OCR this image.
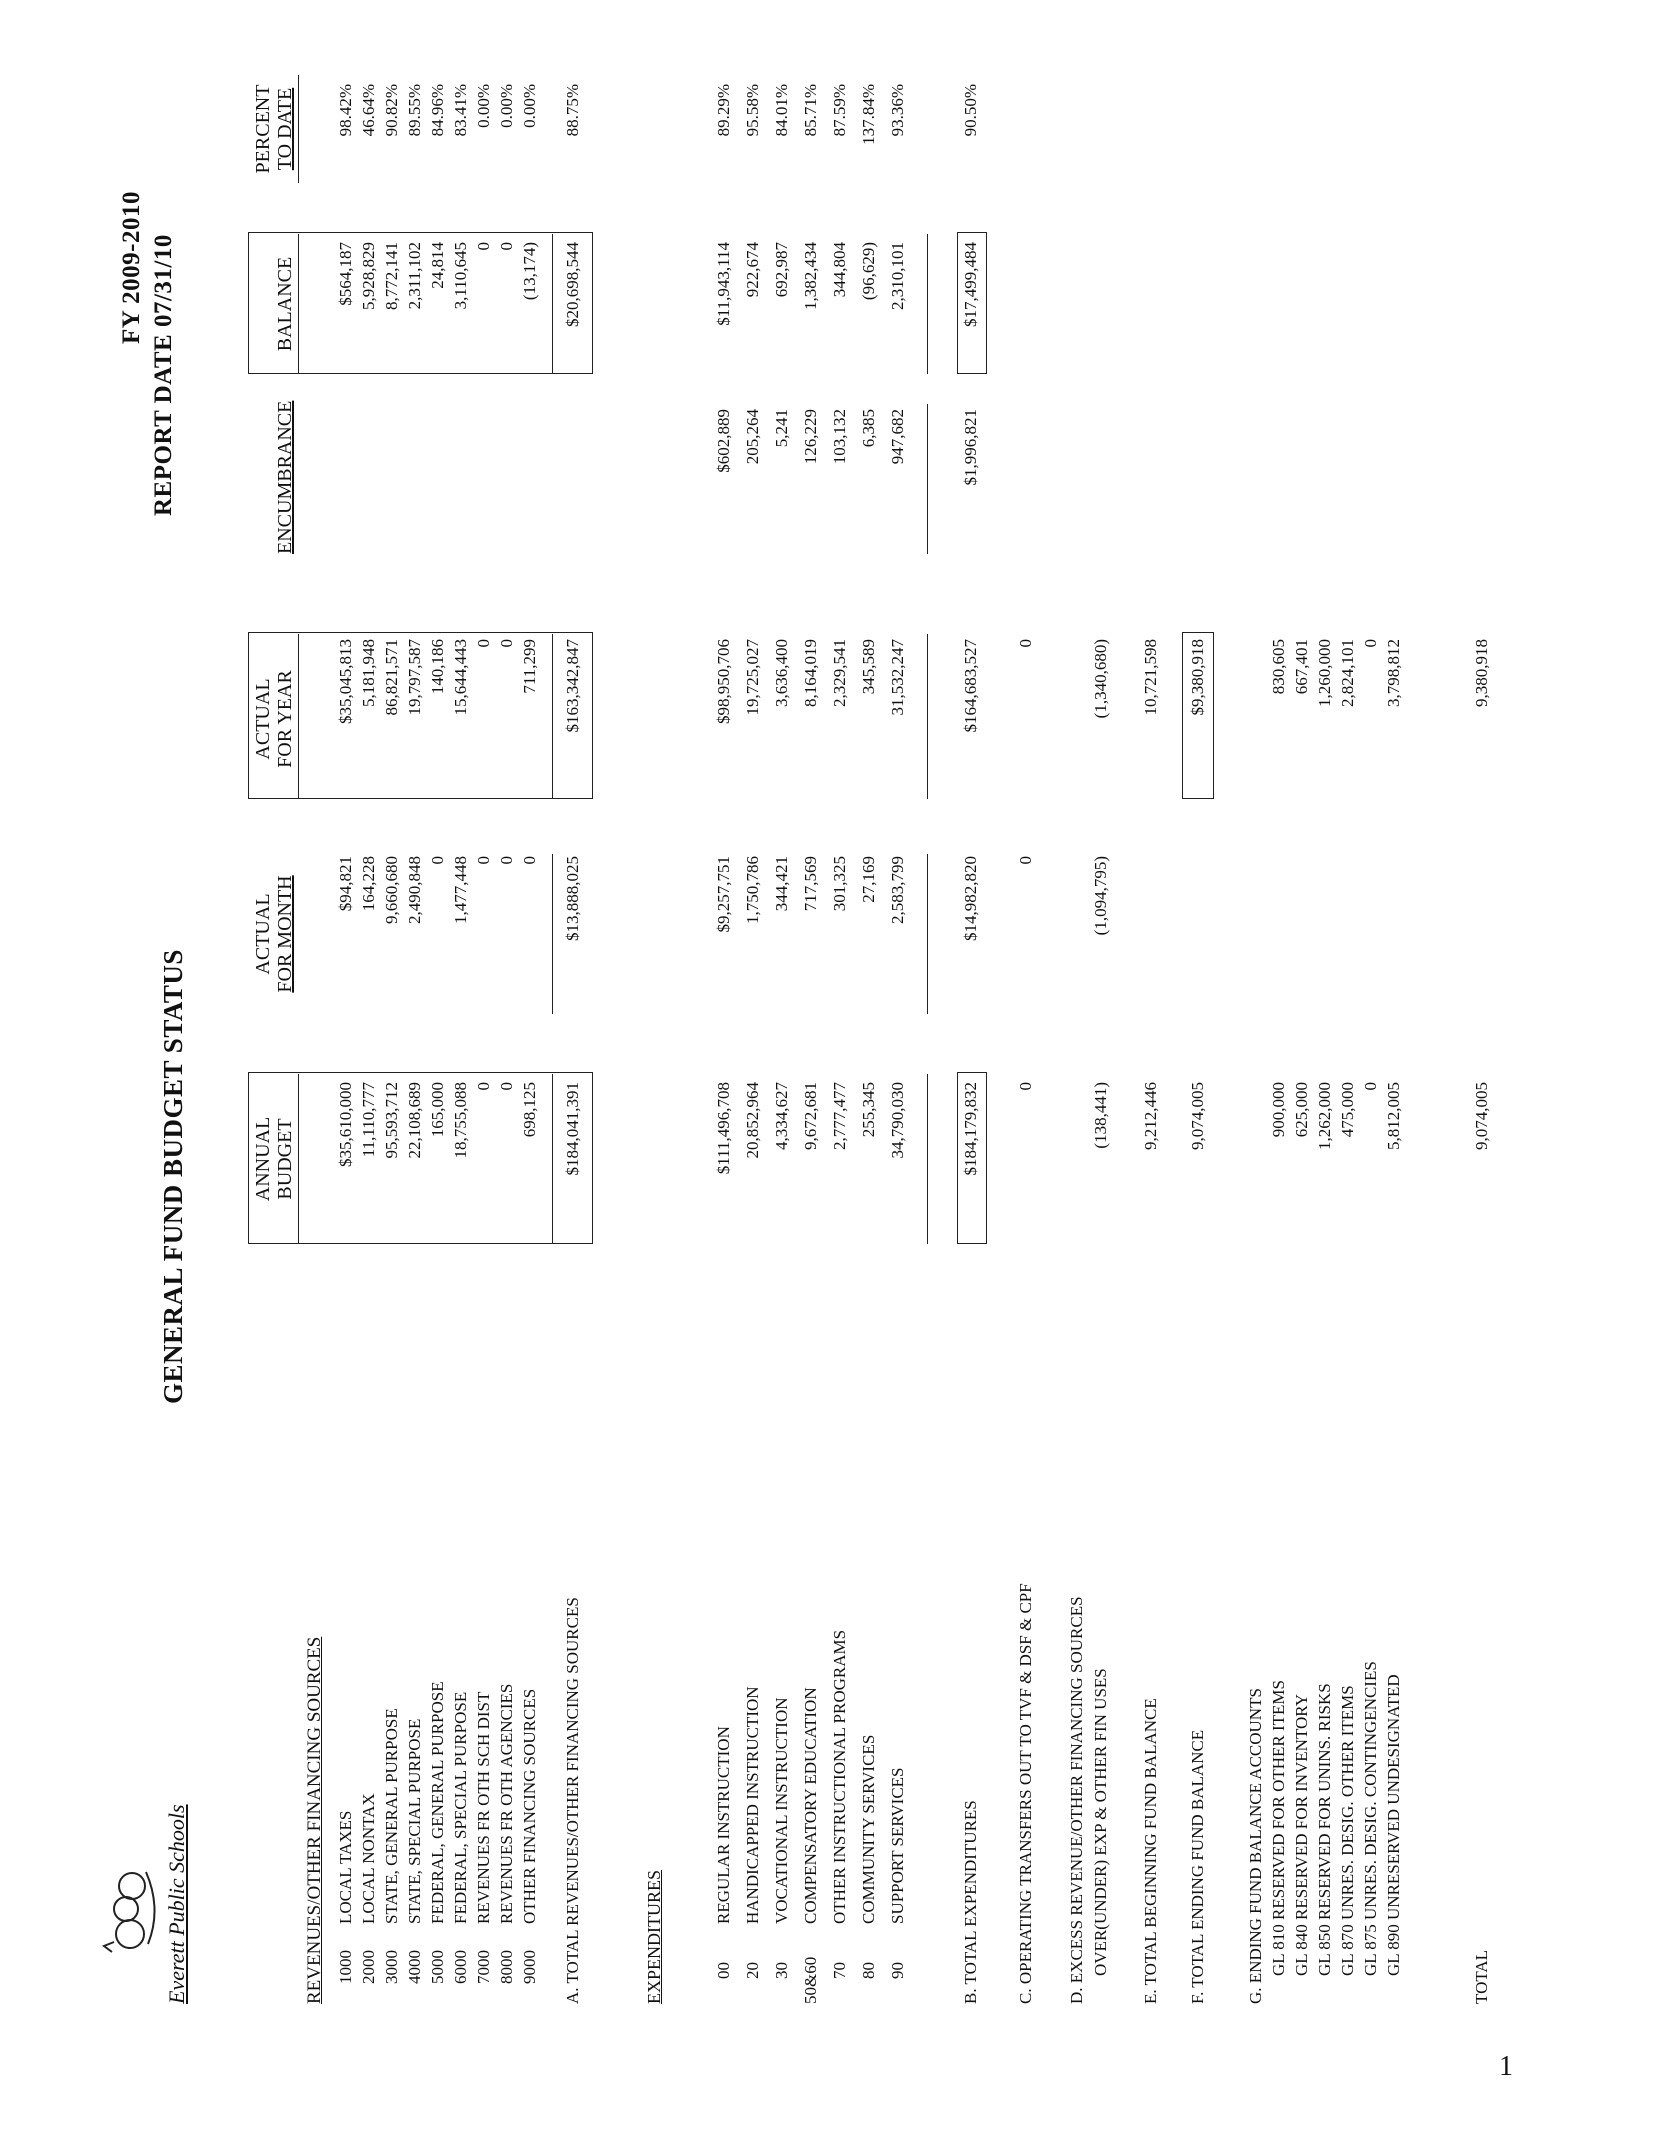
Everett Public Schools
GENERAL FUND BUDGET STATUS
FY 2009-2010 REPORT DATE 07/31/10
ANNUAL BUDGET
ACTUAL FOR MONTH
ACTUAL FOR YEAR
ENCUMBRANCE
BALANCE
PERCENT TO DATE
REVENUES/OTHER FINANCING SOURCES 1000
LOCAL TAXES
$35,610,000
$94,821
$35,045,813
$564,187
98.42%
2000
LOCAL NONTAX
11,110,777
164,228
5,181,948
5,928,829
46.64%
3000
STATE, GENERAL PURPOSE
95,593,712
9,660,680
86,821,571
8,772,141
90.82%
4000
STATE, SPECIAL PURPOSE
22,108,689
2,490,848
19,797,587
2,311,102
89.55%
5000
FEDERAL, GENERAL PURPOSE
165,000
0
140,186
24,814
84.96%
6000
FEDERAL, SPECIAL PURPOSE
18,755,088
1,477,448
15,644,443
3,110,645
83.41%
7000
REVENUES FR OTH SCH DIST
0
0
0
0
0.00%
8000
REVENUES FR OTH AGENCIES
0
0
0
0
0.00%
9000
OTHER FINANCING SOURCES
698,125
0
711,299
(13,174)
0.00%
A. TOTAL REVENUES/OTHER FINANCING SOURCES
$184,041,391
$13,888,025
$163,342,847
$20,698,544
88.75%
EXPENDITURES	00
REGULAR INSTRUCTION
$111,496,708
$9,257,751
$98,950,706
$602,889
$11,943,114
89.29%
20
HANDICAPPED INSTRUCTION
20,852,964
1,750,786
19,725,027
205,264
922,674
95.58%
30
VOCATIONAL INSTRUCTION
4,334,627
344,421
3,636,400
5,241
692,987
84.01%
50&60
COMPENSATORY EDUCATION
9,672,681
717,569
8,164,019
126,229
1,382,434
85.71%
70
OTHER INSTRUCTIONAL PROGRAMS
2,777,477
301,325
2,329,541
103,132
344,804
87.59%
80
COMMUNITY SERVICES
255,345
27,169
345,589
6,385
(96,629)
137.84%
90
SUPPORT SERVICES
34,790,030
2,583,799
31,532,247
947,682
2,310,101
93.36%
B. TOTAL EXPENDITURES
$184,179,832
$14,982,820
$164,683,527
$1,996,821
$17,499,484
90.50%
C. OPERATING TRANSFERS OUT TO TVF & DSF & CPF
0
0
0
D. EXCESS REVENUE/OTHER FINANCING SOURCES OVER(UNDER) EXP & OTHER FIN USES
(138,441)
(1,094,795)
(1,340,680)
E. TOTAL BEGINNING FUND BALANCE
9,212,446
10,721,598
F. TOTAL ENDING FUND BALANCE
9,074,005
$9,380,918
G. ENDING FUND BALANCE ACCOUNTS GL 810 RESERVED FOR OTHER ITEMS
900,000
830,605
GL 840 RESERVED FOR INVENTORY
625,000
667,401
GL 850 RESERVED FOR UNINS. RISKS
1,262,000
1,260,000
GL 870 UNRES. DESIG. OTHER ITEMS
475,000
2,824,101
GL 875 UNRES. DESIG. CONTINGENCIES
0
0
GL 890 UNRESERVED UNDESIGNATED
5,812,005
3,798,812
TOTAL
9,074,005
9,380,918
1
